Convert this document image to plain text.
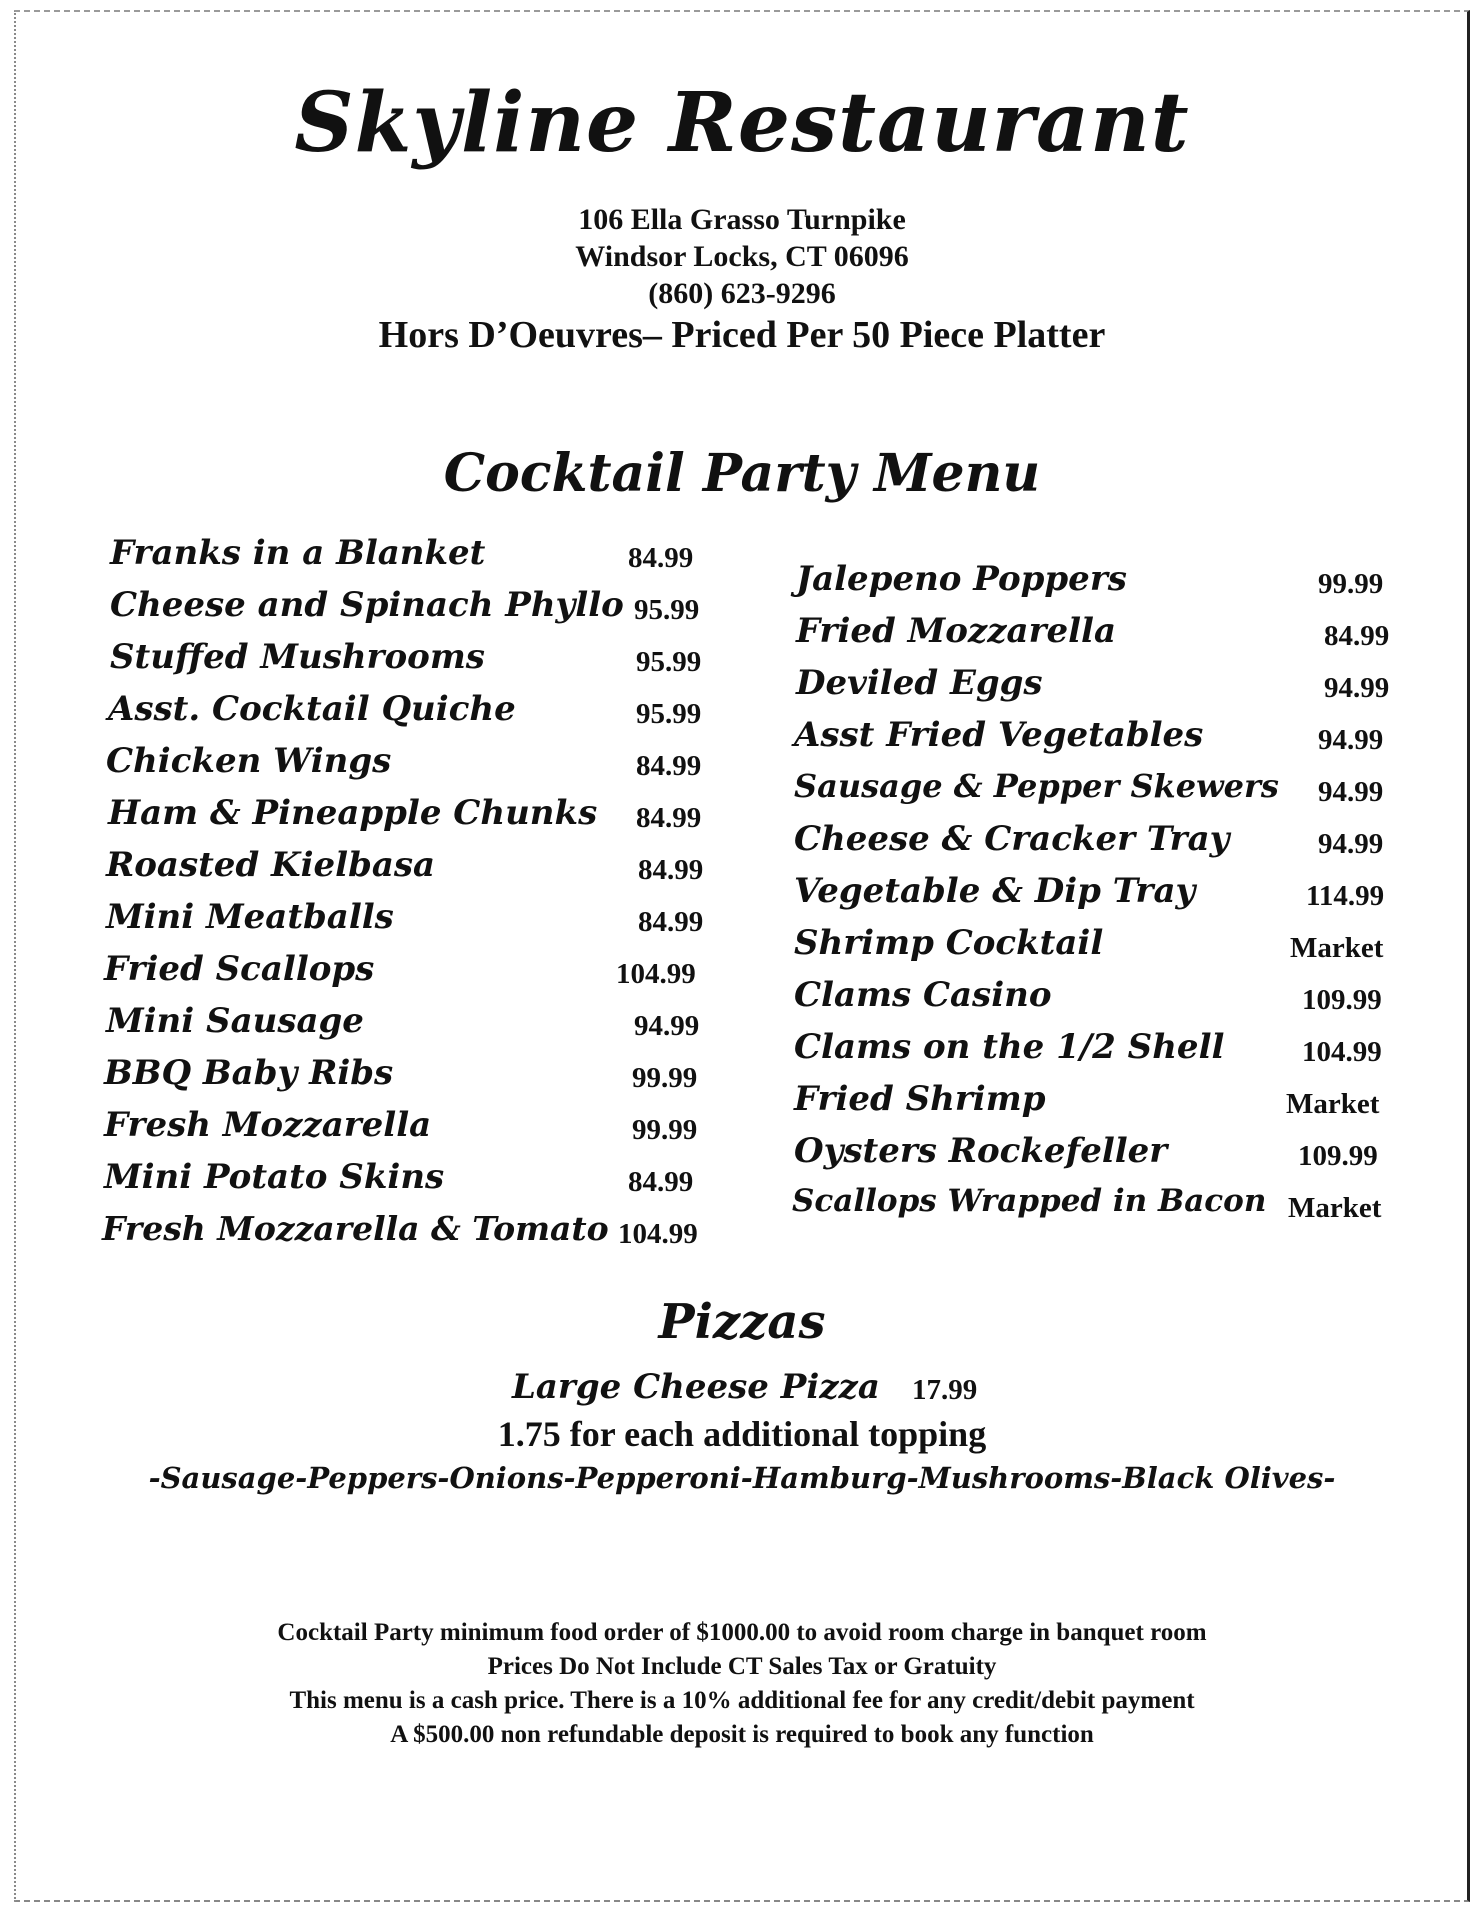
Skyline Restaurant
106 Ella Grasso Turnpike
Windsor Locks, CT 06096
(860) 623-9296
Hors D’Oeuvres– Priced Per 50 Piece Platter
Cocktail Party Menu
Franks in a Blanket	84.99
Cheese and Spinach Phyllo 95.99
Stuffed Mushrooms	95.99
Asst. Cocktail Quiche	95.99
Chicken Wings	84.99
Ham & Pineapple Chunks 84.99
Roasted Kielbasa	84.99
Mini Meatballs	84.99
Fried Scallops	104.99
Mini Sausage	94.99
BBQ Baby Ribs	99.99
Fresh Mozzarella	99.99
Mini Potato Skins	84.99
Fresh Mozzarella & Tomato 104.99
Jalepeno Poppers	99.99
Fried Mozzarella	84.99
Deviled Eggs	94.99
Asst Fried Vegetables	94.99
Sausage & Pepper Skewers 94.99
Cheese & Cracker Tray	94.99
Vegetable & Dip Tray	114.99
Shrimp Cocktail	Market
Clams Casino	109.99
Clams on the 1/2 Shell	104.99
Fried Shrimp	Market
Oysters Rockefeller	109.99
Scallops Wrapped in Bacon Market
Pizzas
Large Cheese Pizza 17.99
1.75 for each additional topping
-Sausage-Peppers-Onions-Pepperoni-Hamburg-Mushrooms-Black Olives-
Cocktail Party minimum food order of $1000.00 to avoid room charge in banquet room
Prices Do Not Include CT Sales Tax or Gratuity
This menu is a cash price. There is a 10% additional fee for any credit/debit payment
A $500.00 non refundable deposit is required to book any function
